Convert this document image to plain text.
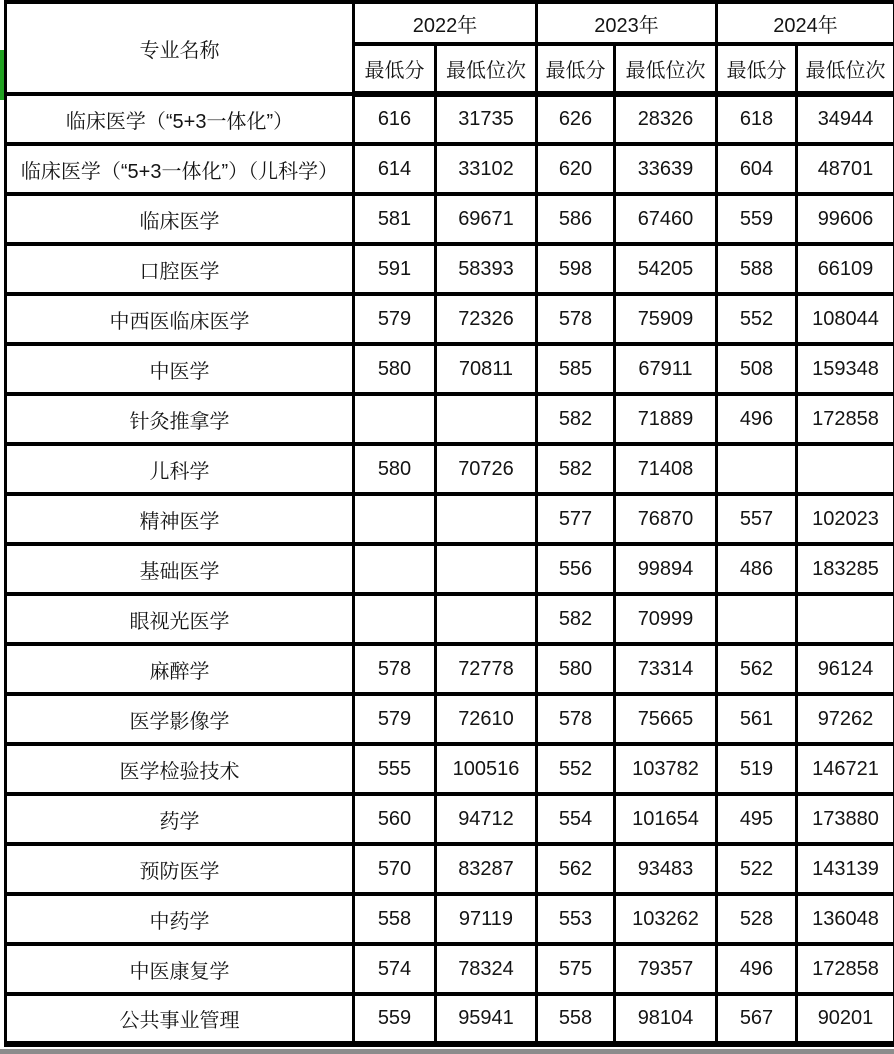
专业名称	2022年		2023年		2024年	
	最低分	最低位次	最低分	最低位次	最低分	最低位次
临床医学（“5+3一体化”）	616	31735	626	28326	618	34944
临床医学（“5+3一体化”）（儿科学）	614	33102	620	33639	604	48701
临床医学	581	69671	586	67460	559	99606
口腔医学	591	58393	598	54205	588	66109
中西医临床医学	579	72326	578	75909	552	108044
中医学	580	70811	585	67911	508	159348
针灸推拿学			582	71889	496	172858
儿科学	580	70726	582	71408		
精神医学			577	76870	557	102023
基础医学			556	99894	486	183285
眼视光医学			582	70999		
麻醉学	578	72778	580	73314	562	96124
医学影像学	579	72610	578	75665	561	97262
医学检验技术	555	100516	552	103782	519	146721
药学	560	94712	554	101654	495	173880
预防医学	570	83287	562	93483	522	143139
中药学	558	97119	553	103262	528	136048
中医康复学	574	78324	575	79357	496	172858
公共事业管理	559	95941	558	98104	567	90201
